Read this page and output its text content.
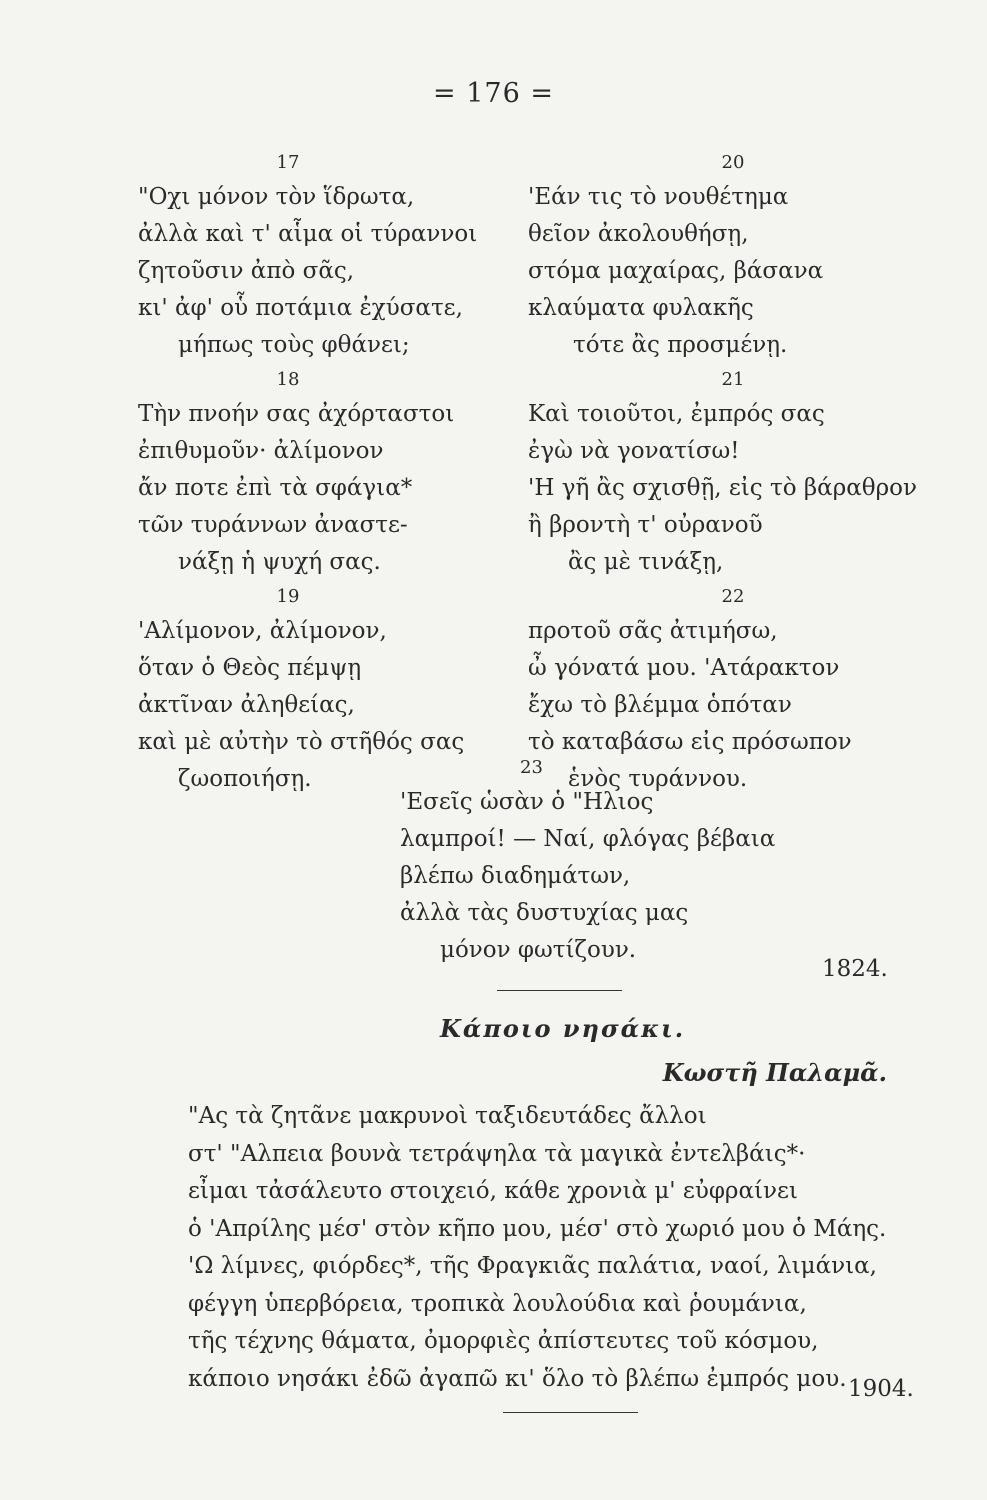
= 176 =
17
"Οχι μόνον τὸν ἵδρωτα,
ἀλλὰ καὶ τ' αἷμα οἱ τύραννοι
ζητοῦσιν ἀπὸ σᾶς,
κι' ἀφ' οὗ ποτάμια ἐχύσατε,
μήπως τοὺς φθάνει;
18
Τὴν πνοήν σας ἀχόρταστοι
ἐπιθυμοῦν· ἀλίμονον
ἄν ποτε ἐπὶ τὰ σφάγια*
τῶν τυράννων ἀναστε-
νάξῃ ἡ ψυχή σας.
19
'Αλίμονον, ἀλίμονον,
ὅταν ὁ Θεὸς πέμψῃ
ἀκτῖναν ἀληθείας,
καὶ μὲ αὐτὴν τὸ στῆθός σας
ζωοποιήσῃ.
20
'Εάν τις τὸ νουθέτημα
θεῖον ἀκολουθήσῃ,
στόμα μαχαίρας, βάσανα
κλαύματα φυλακῆς
τότε ἂς προσμένῃ.
21
Καὶ τοιοῦτοι, ἐμπρός σας
ἐγὼ νὰ γονατίσω!
'Η γῆ ἂς σχισθῇ, εἰς τὸ βάραθρον
ἢ βροντὴ τ' οὐρανοῦ
ἂς μὲ τινάξῃ,
22
προτοῦ σᾶς ἀτιμήσω,
ὦ γόνατά μου. 'Ατάρακτον
ἔχω τὸ βλέμμα ὁπόταν
τὸ καταβάσω εἰς πρόσωπον
ἑνὸς τυράννου.
23
'Εσεῖς ὡσὰν ὁ "Ηλιος
λαμπροί! — Ναί, φλόγας βέβαια
βλέπω διαδημάτων,
ἀλλὰ τὰς δυστυχίας μας
μόνον φωτίζουν.
1824.
Κάποιο νησάκι.
Κωστῆ Παλαμᾶ.
"Ας τὰ ζητᾶνε μακρυνοὶ ταξιδευτάδες ἄλλοι
στ' "Αλπεια βουνὰ τετράψηλα τὰ μαγικὰ ἐντελβάις*·
εἶμαι τἀσάλευτο στοιχειό, κάθε χρονιὰ μ' εὐφραίνει
ὁ 'Απρίλης μέσ' στὸν κῆπο μου, μέσ' στὸ χωριό μου ὁ Μάης.
'Ω λίμνες, φιόρδες*, τῆς Φραγκιᾶς παλάτια, ναοί, λιμάνια,
φέγγη ὑπερβόρεια, τροπικὰ λουλούδια καὶ ῥουμάνια,
τῆς τέχνης θάματα, ὀμορφιὲς ἀπίστευτες τοῦ κόσμου,
κάποιο νησάκι ἐδῶ ἀγαπῶ κι' ὅλο τὸ βλέπω ἐμπρός μου. 1904.
